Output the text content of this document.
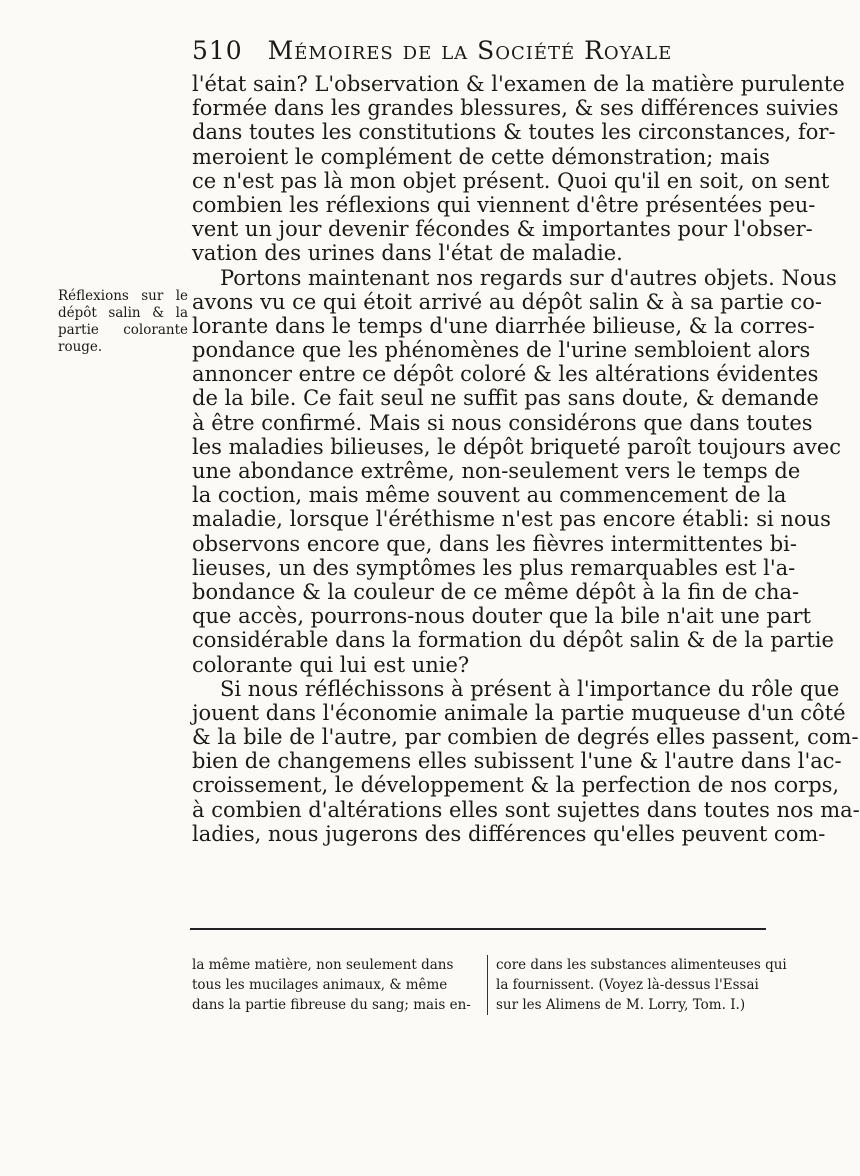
510 Mémoires de la Société Royale
Réflexions sur le dépôt salin & la partie colorante rouge.
l'état sain? L'observation & l'examen de la matière purulente
formée dans les grandes blessures, & ses différences suivies
dans toutes les constitutions & toutes les circonstances, for-
meroient le complément de cette démonstration; mais
ce n'est pas là mon objet présent. Quoi qu'il en soit, on sent
combien les réflexions qui viennent d'être présentées peu-
vent un jour devenir fécondes & importantes pour l'obser-
vation des urines dans l'état de maladie.
Portons maintenant nos regards sur d'autres objets. Nous
avons vu ce qui étoit arrivé au dépôt salin & à sa partie co-
lorante dans le temps d'une diarrhée bilieuse, & la corres-
pondance que les phénomènes de l'urine sembloient alors
annoncer entre ce dépôt coloré & les altérations évidentes
de la bile. Ce fait seul ne suffit pas sans doute, & demande
à être confirmé. Mais si nous considérons que dans toutes
les maladies bilieuses, le dépôt briqueté paroît toujours avec
une abondance extrême, non-seulement vers le temps de
la coction, mais même souvent au commencement de la
maladie, lorsque l'éréthisme n'est pas encore établi: si nous
observons encore que, dans les fièvres intermittentes bi-
lieuses, un des symptômes les plus remarquables est l'a-
bondance & la couleur de ce même dépôt à la fin de cha-
que accès, pourrons-nous douter que la bile n'ait une part
considérable dans la formation du dépôt salin & de la partie
colorante qui lui est unie?
Si nous réfléchissons à présent à l'importance du rôle que
jouent dans l'économie animale la partie muqueuse d'un côté
& la bile de l'autre, par combien de degrés elles passent, com-
bien de changemens elles subissent l'une & l'autre dans l'ac-
croissement, le développement & la perfection de nos corps,
à combien d'altérations elles sont sujettes dans toutes nos ma-
ladies, nous jugerons des différences qu'elles peuvent com-
la même matière, non seulement dans
tous les mucilages animaux, & même
dans la partie fibreuse du sang; mais en-
core dans les substances alimenteuses qui
la fournissent. (Voyez là-dessus l'Essai
sur les Alimens de M. Lorry, Tom. I.)
